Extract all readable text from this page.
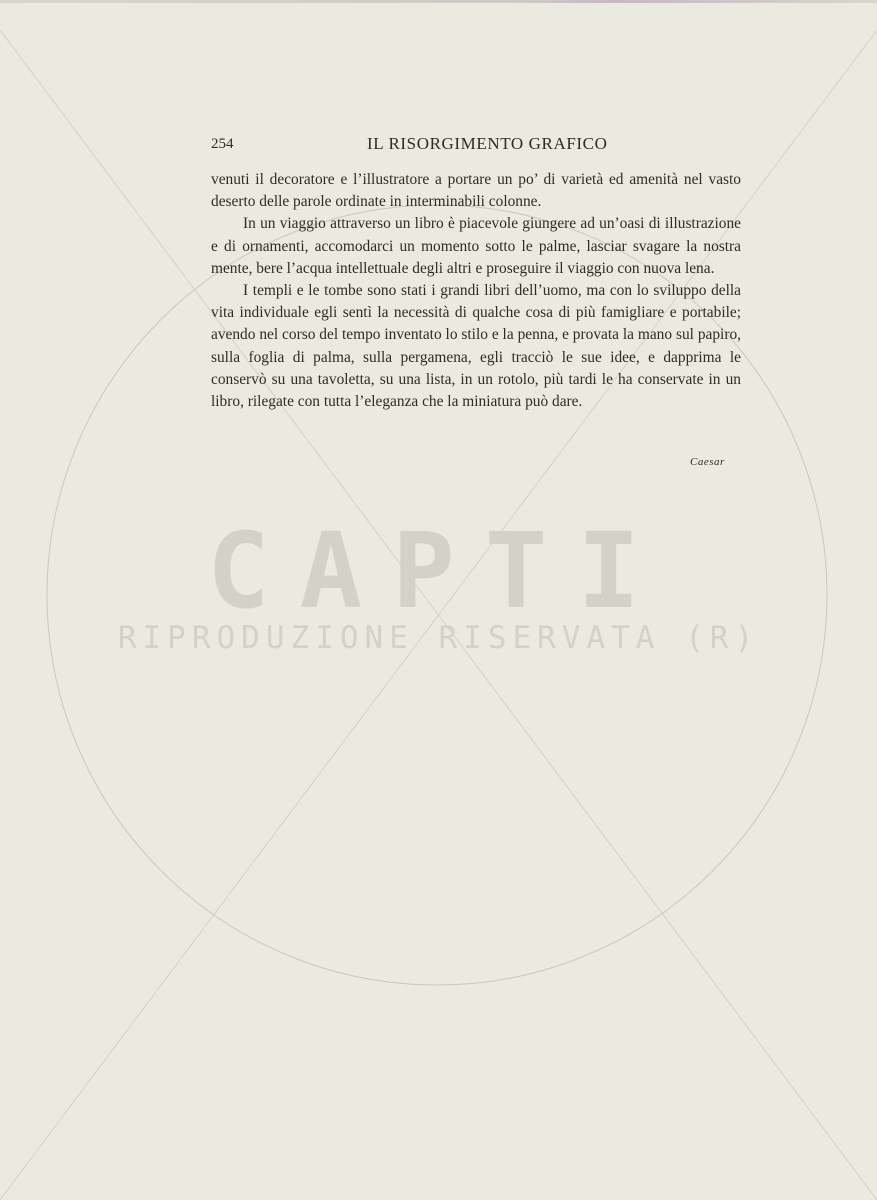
CAPTI
RIPRODUZIONE RISERVATA (R)
254	IL RISORGIMENTO GRAFICO

venuti il decoratore e l’illustratore a portare un po’ di varietà ed amenità nel vasto deserto delle parole ordinate in interminabili colonne.

In un viaggio attraverso un libro è piacevole giungere ad un’oasi di illustrazione e di ornamenti, accomodarci un momento sotto le palme, lasciar svagare la nostra mente, bere l’acqua intellettuale degli altri e proseguire il viaggio con nuova lena.

I templi e le tombe sono stati i grandi libri dell’uomo, ma con lo sviluppo della vita individuale egli sentì la necessità di qualche cosa di più famigliare e portabile; avendo nel corso del tempo inventato lo stilo e la penna, e provata la mano sul papiro, sulla foglia di palma, sulla pergamena, egli tracciò le sue idee, e dapprima le conservò su una tavoletta, su una lista, in un rotolo, più tardi le ha conservate in un libro, rilegate con tutta l’eleganza che la miniatura può dare.

Caesar
